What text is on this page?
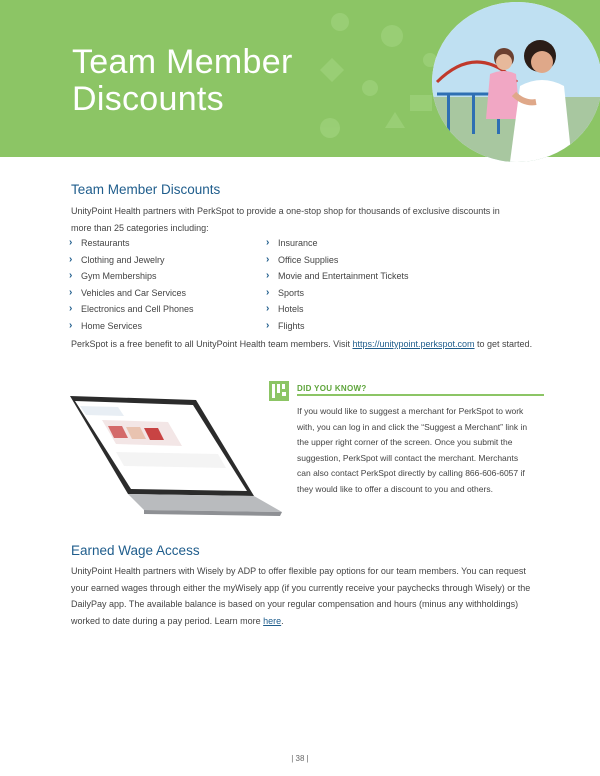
Team Member Discounts
Team Member Discounts

UnityPoint Health partners with PerkSpot to provide a one-stop shop for thousands of exclusive discounts in more than 25 categories including:

› Restaurants
› Clothing and Jewelry
› Gym Memberships
› Vehicles and Car Services
› Electronics and Cell Phones
› Home Services
› Insurance
› Office Supplies
› Movie and Entertainment Tickets
› Sports
› Hotels
› Flights

PerkSpot is a free benefit to all UnityPoint Health team members. Visit https://unitypoint.perkspot.com to get started.

DID YOU KNOW?

If you would like to suggest a merchant for PerkSpot to work with, you can log in and click the “Suggest a Merchant” link in the upper right corner of the screen. Once you submit the suggestion, PerkSpot will contact the merchant. Merchants can also contact PerkSpot directly by calling 866-606-6057 if they would like to offer a discount to you and others.

Earned Wage Access

UnityPoint Health partners with Wisely by ADP to offer flexible pay options for our team members. You can request your earned wages through either the myWisely app (if you currently receive your paychecks through Wisely) or the DailyPay app. The available balance is based on your regular compensation and hours (minus any withholdings) worked to date during a pay period. Learn more here.

| 38 |
